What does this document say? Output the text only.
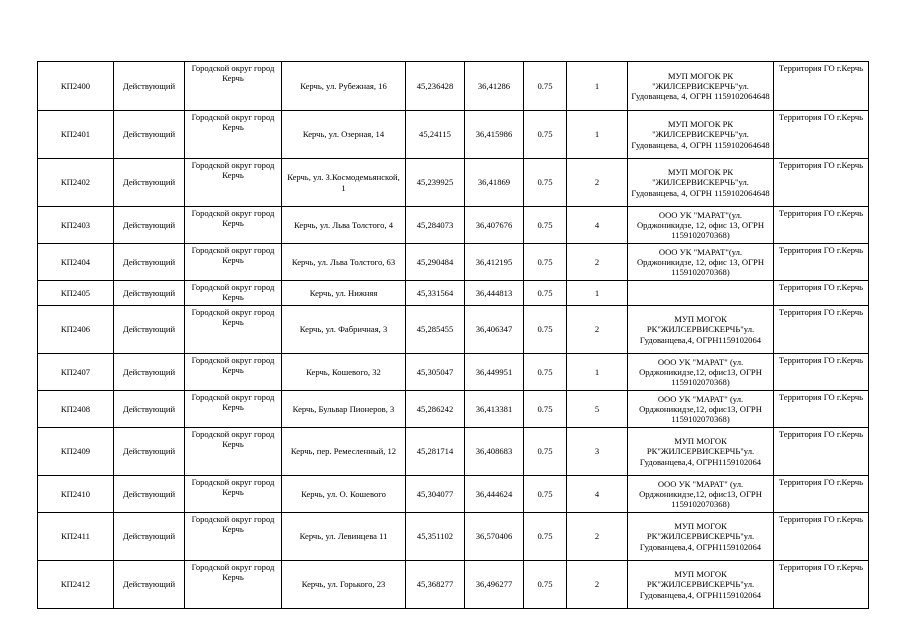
КП2400	Действующий	Городской округ город Керчь	Керчь, ул. Рубежная, 16	45,236428	36,41286	0.75	1	МУП МОГОК РК "ЖИЛСЕРВИСКЕРЧЬ"ул. Гудованцева, 4, ОГРН 1159102064648	Территория ГО г.Керчь
КП2401	Действующий	Городской округ город Керчь	Керчь, ул. Озерная, 14	45,24115	36,415986	0.75	1	МУП МОГОК РК "ЖИЛСЕРВИСКЕРЧЬ"ул. Гудованцева, 4, ОГРН 1159102064648	Территория ГО г.Керчь
КП2402	Действующий	Городской округ город Керчь	Керчь, ул. З.Космодемьянской, 1	45,239925	36,41869	0.75	2	МУП МОГОК РК "ЖИЛСЕРВИСКЕРЧЬ"ул. Гудованцева, 4, ОГРН 1159102064648	Территория ГО г.Керчь
КП2403	Действующий	Городской округ город Керчь	Керчь, ул. Льва Толстого, 4	45,284073	36,407676	0.75	4	ООО УК "МАРАТ"(ул. Орджоникидзе, 12, офис 13, ОГРН 1159102070368)	Территория ГО г.Керчь
КП2404	Действующий	Городской округ город Керчь	Керчь, ул. Льва Толстого, 63	45,290484	36,412195	0.75	2	ООО УК "МАРАТ"(ул. Орджоникидзе, 12, офис 13, ОГРН 1159102070368)	Территория ГО г.Керчь
КП2405	Действующий	Городской округ город Керчь	Керчь, ул. Нижняя	45,331564	36,444813	0.75	1		Территория ГО г.Керчь
КП2406	Действующий	Городской округ город Керчь	Керчь, ул. Фабричная, 3	45,285455	36,406347	0.75	2	МУП МОГОК РК"ЖИЛСЕРВИСКЕРЧЬ"ул. Гудованцева,4, ОГРН1159102064	Территория ГО г.Керчь
КП2407	Действующий	Городской округ город Керчь	Керчь, Кошевого, 32	45,305047	36,449951	0.75	1	ООО УК "МАРАТ" (ул. Орджоникидзе,12, офис13, ОГРН 1159102070368)	Территория ГО г.Керчь
КП2408	Действующий	Городской округ город Керчь	Керчь, Бульвар Пионеров, 3	45,286242	36,413381	0.75	5	ООО УК "МАРАТ" (ул. Орджоникидзе,12, офис13, ОГРН 1159102070368)	Территория ГО г.Керчь
КП2409	Действующий	Городской округ город Керчь	Керчь, пер. Ремесленный, 12	45,281714	36,408683	0.75	3	МУП МОГОК РК"ЖИЛСЕРВИСКЕРЧЬ"ул. Гудованцева,4, ОГРН1159102064	Территория ГО г.Керчь
КП2410	Действующий	Городской округ город Керчь	Керчь, ул. О. Кошевого	45,304077	36,444624	0.75	4	ООО УК "МАРАТ" (ул. Орджоникидзе,12, офис13, ОГРН 1159102070368)	Территория ГО г.Керчь
КП2411	Действующий	Городской округ город Керчь	Керчь, ул. Левинцева 11	45,351102	36,570406	0.75	2	МУП МОГОК РК"ЖИЛСЕРВИСКЕРЧЬ"ул. Гудованцева,4, ОГРН1159102064	Территория ГО г.Керчь
КП2412	Действующий	Городской округ город Керчь	Керчь, ул. Горького, 23	45,368277	36,496277	0.75	2	МУП МОГОК РК"ЖИЛСЕРВИСКЕРЧЬ"ул. Гудованцева,4, ОГРН1159102064	Территория ГО г.Керчь
